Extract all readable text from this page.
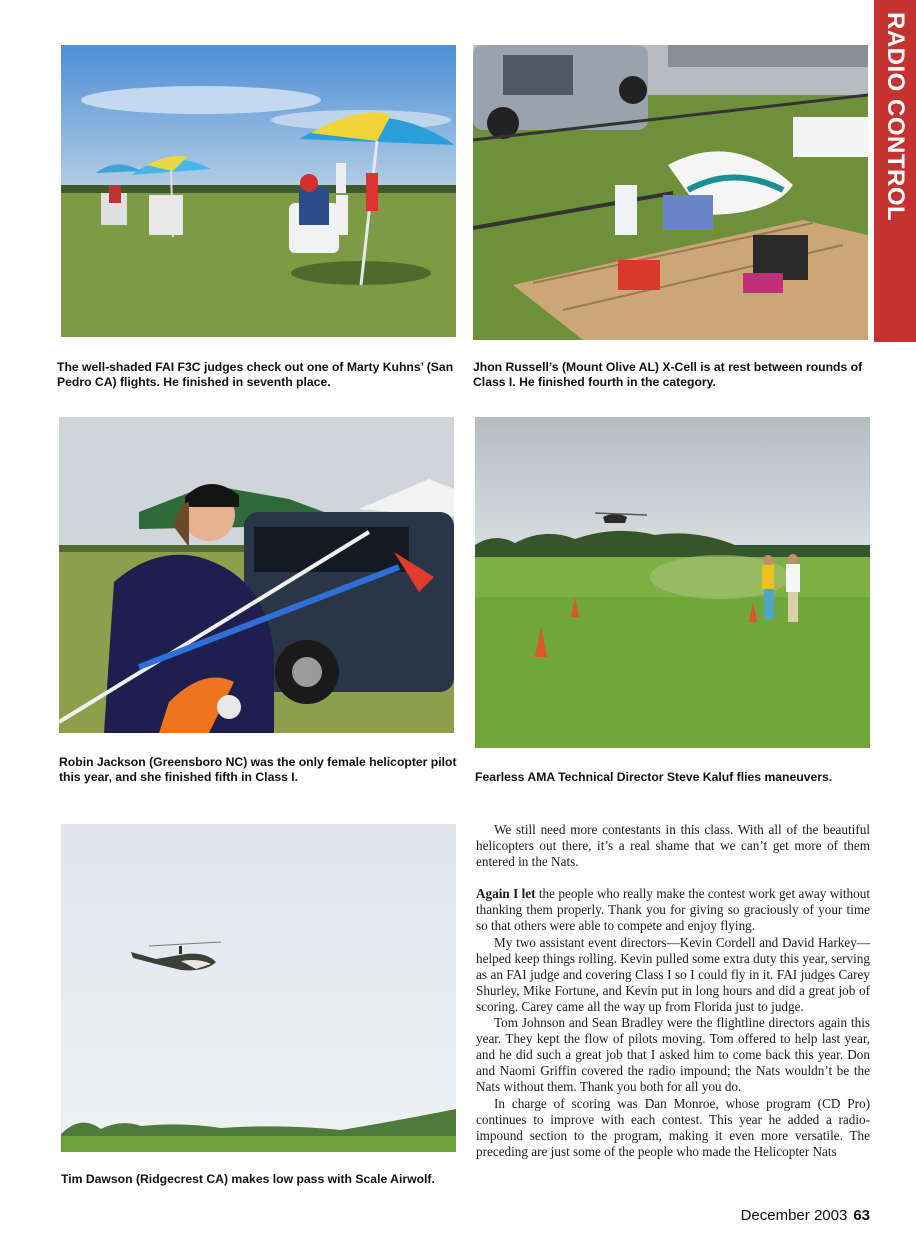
RADIO CONTROL
The well-shaded FAI F3C judges check out one of Marty Kuhns’ (San Pedro CA) flights. He finished in seventh place.
Jhon Russell’s (Mount Olive AL) X-Cell is at rest between rounds of Class I. He finished fourth in the category.
Robin Jackson (Greensboro NC) was the only female helicopter pilot this year, and she finished fifth in Class I.	Fearless AMA Technical Director Steve Kaluf flies maneuvers.
Tim Dawson (Ridgecrest CA) makes low pass with Scale Airwolf.

We still need more contestants in this class. With all of the beautiful helicopters out there, it’s a real shame that we can’t get more of them entered in the Nats.

Again I let the people who really make the contest work get away without thanking them properly. Thank you for giving so graciously of your time so that others were able to compete and enjoy flying.

My two assistant event directors—Kevin Cordell and David Harkey—helped keep things rolling. Kevin pulled some extra duty this year, serving as an FAI judge and covering Class I so I could fly in it. FAI judges Carey Shurley, Mike Fortune, and Kevin put in long hours and did a great job of scoring. Carey came all the way up from Florida just to judge.

Tom Johnson and Sean Bradley were the flightline directors again this year. They kept the flow of pilots moving. Tom offered to help last year, and he did such a great job that I asked him to come back this year. Don and Naomi Griffin covered the radio impound; the Nats wouldn’t be the Nats without them. Thank you both for all you do.

In charge of scoring was Dan Monroe, whose program (CD Pro) continues to improve with each contest. This year he added a radio-impound section to the program, making it even more versatile. The preceding are just some of the people who made the Helicopter Nats

December 2003 63
